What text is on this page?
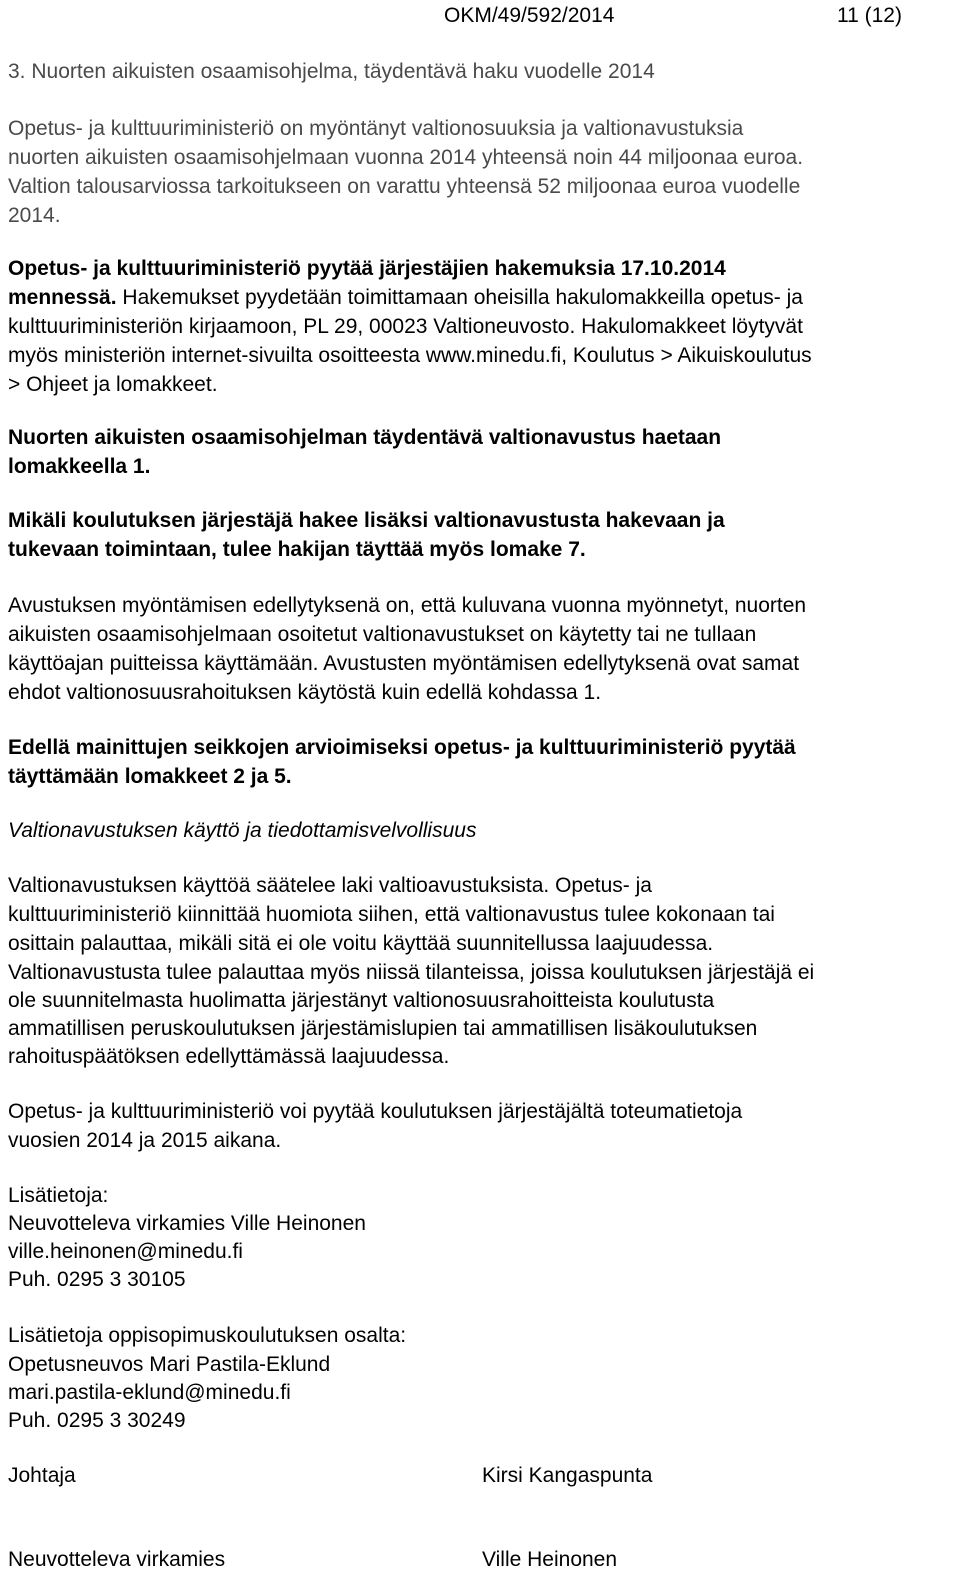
OKM/49/592/2014	11 (12)
3. Nuorten aikuisten osaamisohjelma, täydentävä haku vuodelle 2014
Opetus- ja kulttuuriministeriö on myöntänyt valtionosuuksia ja valtionavustuksia
nuorten aikuisten osaamisohjelmaan vuonna 2014 yhteensä noin 44 miljoonaa euroa.
Valtion talousarviossa tarkoitukseen on varattu yhteensä 52 miljoonaa euroa vuodelle
2014.
Opetus- ja kulttuuriministeriö pyytää järjestäjien hakemuksia 17.10.2014
mennessä. Hakemukset pyydetään toimittamaan oheisilla hakulomakkeilla opetus- ja
kulttuuriministeriön kirjaamoon, PL 29, 00023 Valtioneuvosto. Hakulomakkeet löytyvät
myös ministeriön internet-sivuilta osoitteesta www.minedu.fi, Koulutus > Aikuiskoulutus
> Ohjeet ja lomakkeet.
Nuorten aikuisten osaamisohjelman täydentävä valtionavustus haetaan
lomakkeella 1.
Mikäli koulutuksen järjestäjä hakee lisäksi valtionavustusta hakevaan ja
tukevaan toimintaan, tulee hakijan täyttää myös lomake 7.
Avustuksen myöntämisen edellytyksenä on, että kuluvana vuonna myönnetyt, nuorten
aikuisten osaamisohjelmaan osoitetut valtionavustukset on käytetty tai ne tullaan
käyttöajan puitteissa käyttämään. Avustusten myöntämisen edellytyksenä ovat samat
ehdot valtionosuusrahoituksen käytöstä kuin edellä kohdassa 1.
Edellä mainittujen seikkojen arvioimiseksi opetus- ja kulttuuriministeriö pyytää
täyttämään lomakkeet 2 ja 5.
Valtionavustuksen käyttö ja tiedottamisvelvollisuus
Valtionavustuksen käyttöä säätelee laki valtioavustuksista. Opetus- ja
kulttuuriministeriö kiinnittää huomiota siihen, että valtionavustus tulee kokonaan tai
osittain palauttaa, mikäli sitä ei ole voitu käyttää suunnitellussa laajuudessa.
Valtionavustusta tulee palauttaa myös niissä tilanteissa, joissa koulutuksen järjestäjä ei
ole suunnitelmasta huolimatta järjestänyt valtionosuusrahoitteista koulutusta
ammatillisen peruskoulutuksen järjestämislupien tai ammatillisen lisäkoulutuksen
rahoituspäätöksen edellyttämässä laajuudessa.
Opetus- ja kulttuuriministeriö voi pyytää koulutuksen järjestäjältä toteumatietoja
vuosien 2014 ja 2015 aikana.
Lisätietoja:
Neuvotteleva virkamies Ville Heinonen
ville.heinonen@minedu.fi
Puh. 0295 3 30105
Lisätietoja oppisopimuskoulutuksen osalta:
Opetusneuvos Mari Pastila-Eklund
mari.pastila-eklund@minedu.fi
Puh. 0295 3 30249
Johtaja	Kirsi Kangaspunta
Neuvotteleva virkamies	Ville Heinonen
